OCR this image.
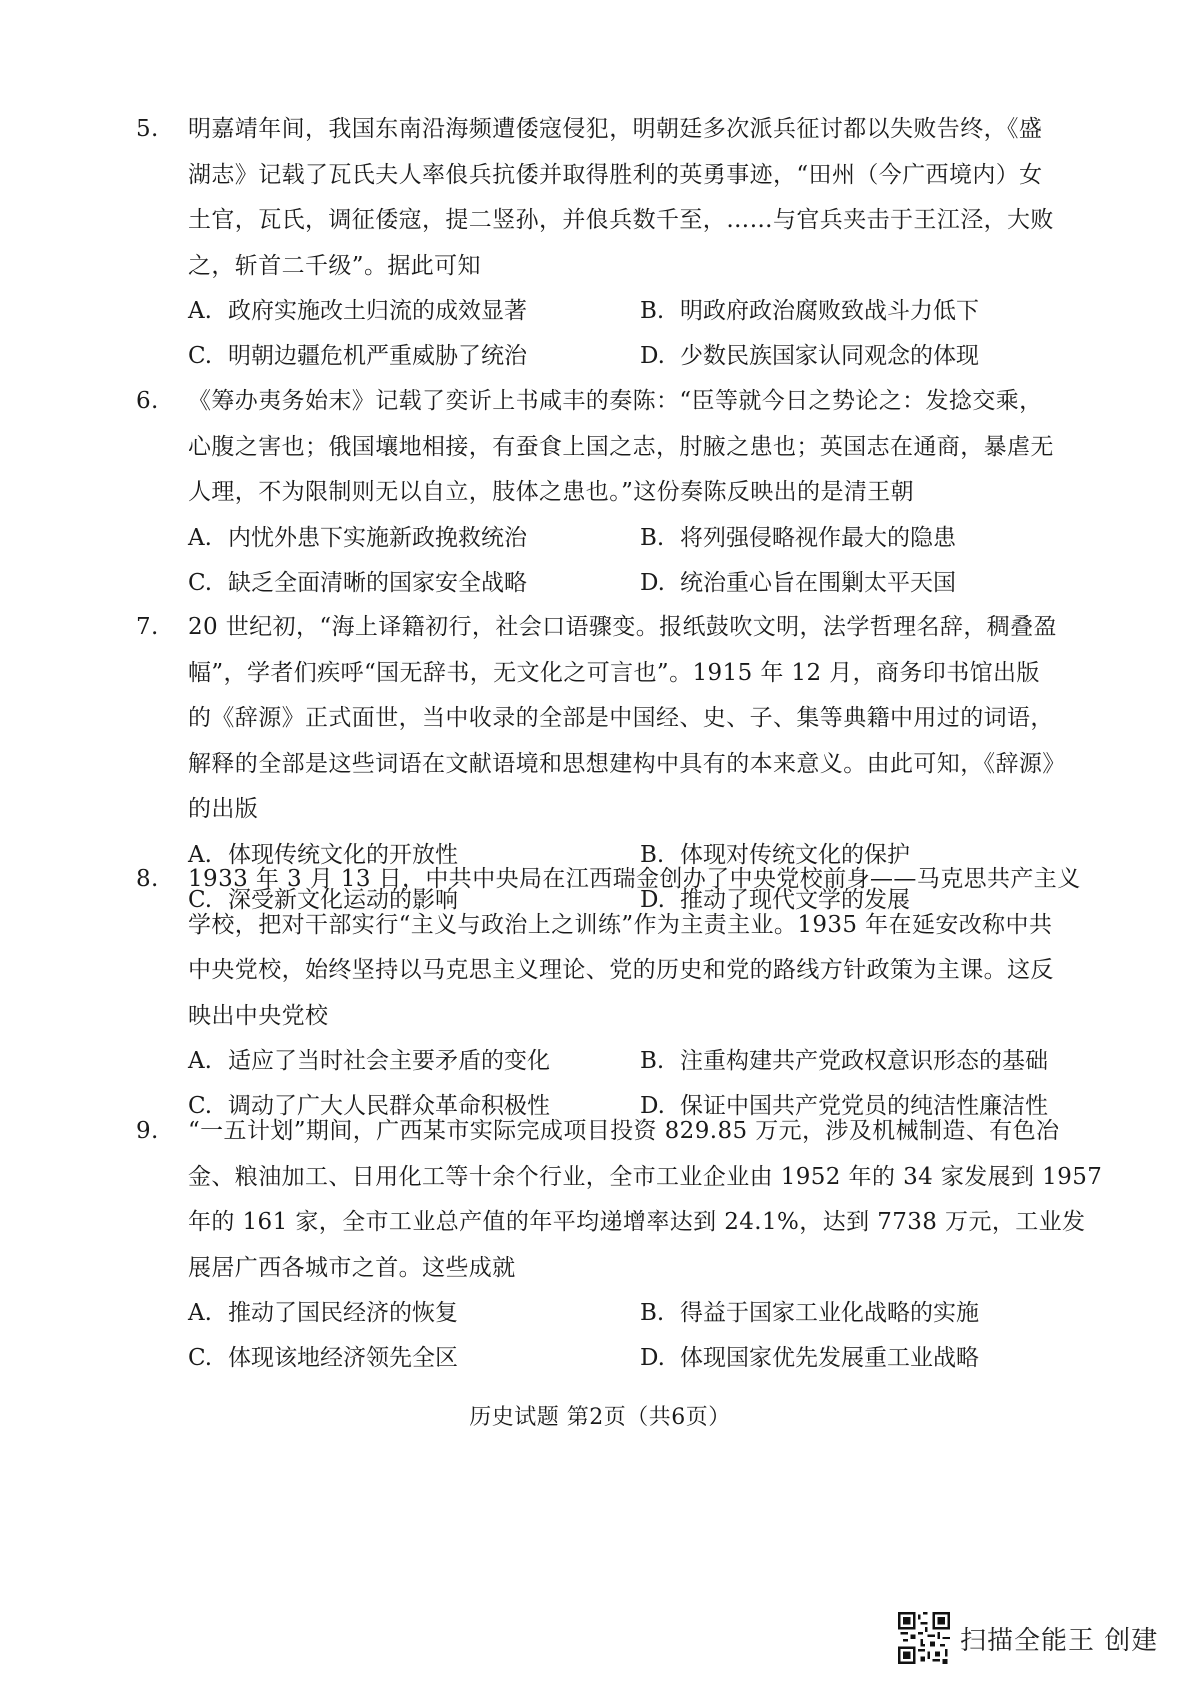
5.	明嘉靖年间，我国东南沿海频遭倭寇侵犯，明朝廷多次派兵征讨都以失败告终，《盛
湖志》记载了瓦氏夫人率俍兵抗倭并取得胜利的英勇事迹，“田州（今广西境内）女
土官，瓦氏，调征倭寇，提二竖孙，并俍兵数千至，……与官兵夹击于王江泾，大败
之，斩首二千级”。据此可知
A. 政府实施改土归流的成效显著	B. 明政府政治腐败致战斗力低下
C. 明朝边疆危机严重威胁了统治	D. 少数民族国家认同观念的体现
6.	《筹办夷务始末》记载了奕䜣上书咸丰的奏陈：“臣等就今日之势论之：发捻交乘，
心腹之害也；俄国壤地相接，有蚕食上国之志，肘腋之患也；英国志在通商，暴虐无
人理，不为限制则无以自立，肢体之患也。”这份奏陈反映出的是清王朝
A. 内忧外患下实施新政挽救统治	B. 将列强侵略视作最大的隐患
C. 缺乏全面清晰的国家安全战略	D. 统治重心旨在围剿太平天国
7.	20 世纪初，“海上译籍初行，社会口语骤变。报纸鼓吹文明，法学哲理名辞，稠叠盈
幅”，学者们疾呼“国无辞书，无文化之可言也”。1915 年 12 月，商务印书馆出版
的《辞源》正式面世，当中收录的全部是中国经、史、子、集等典籍中用过的词语，
解释的全部是这些词语在文献语境和思想建构中具有的本来意义。由此可知，《辞源》
的出版
A. 体现传统文化的开放性	B. 体现对传统文化的保护
C. 深受新文化运动的影响	D. 推动了现代文学的发展
8.	1933 年 3 月 13 日，中共中央局在江西瑞金创办了中央党校前身——马克思共产主义
学校，把对干部实行“主义与政治上之训练”作为主责主业。1935 年在延安改称中共
中央党校，始终坚持以马克思主义理论、党的历史和党的路线方针政策为主课。这反
映出中央党校
A. 适应了当时社会主要矛盾的变化	B. 注重构建共产党政权意识形态的基础
C. 调动了广大人民群众革命积极性	D. 保证中国共产党党员的纯洁性廉洁性
9.	“一五计划”期间，广西某市实际完成项目投资 829.85 万元，涉及机械制造、有色冶
金、粮油加工、日用化工等十余个行业，全市工业企业由 1952 年的 34 家发展到 1957
年的 161 家，全市工业总产值的年平均递增率达到 24.1%，达到 7738 万元，工业发
展居广西各城市之首。这些成就
A. 推动了国民经济的恢复	B. 得益于国家工业化战略的实施
C. 体现该地经济领先全区	D. 体现国家优先发展重工业战略
历史试题 第2页（共6页）
扫描全能王 创建
